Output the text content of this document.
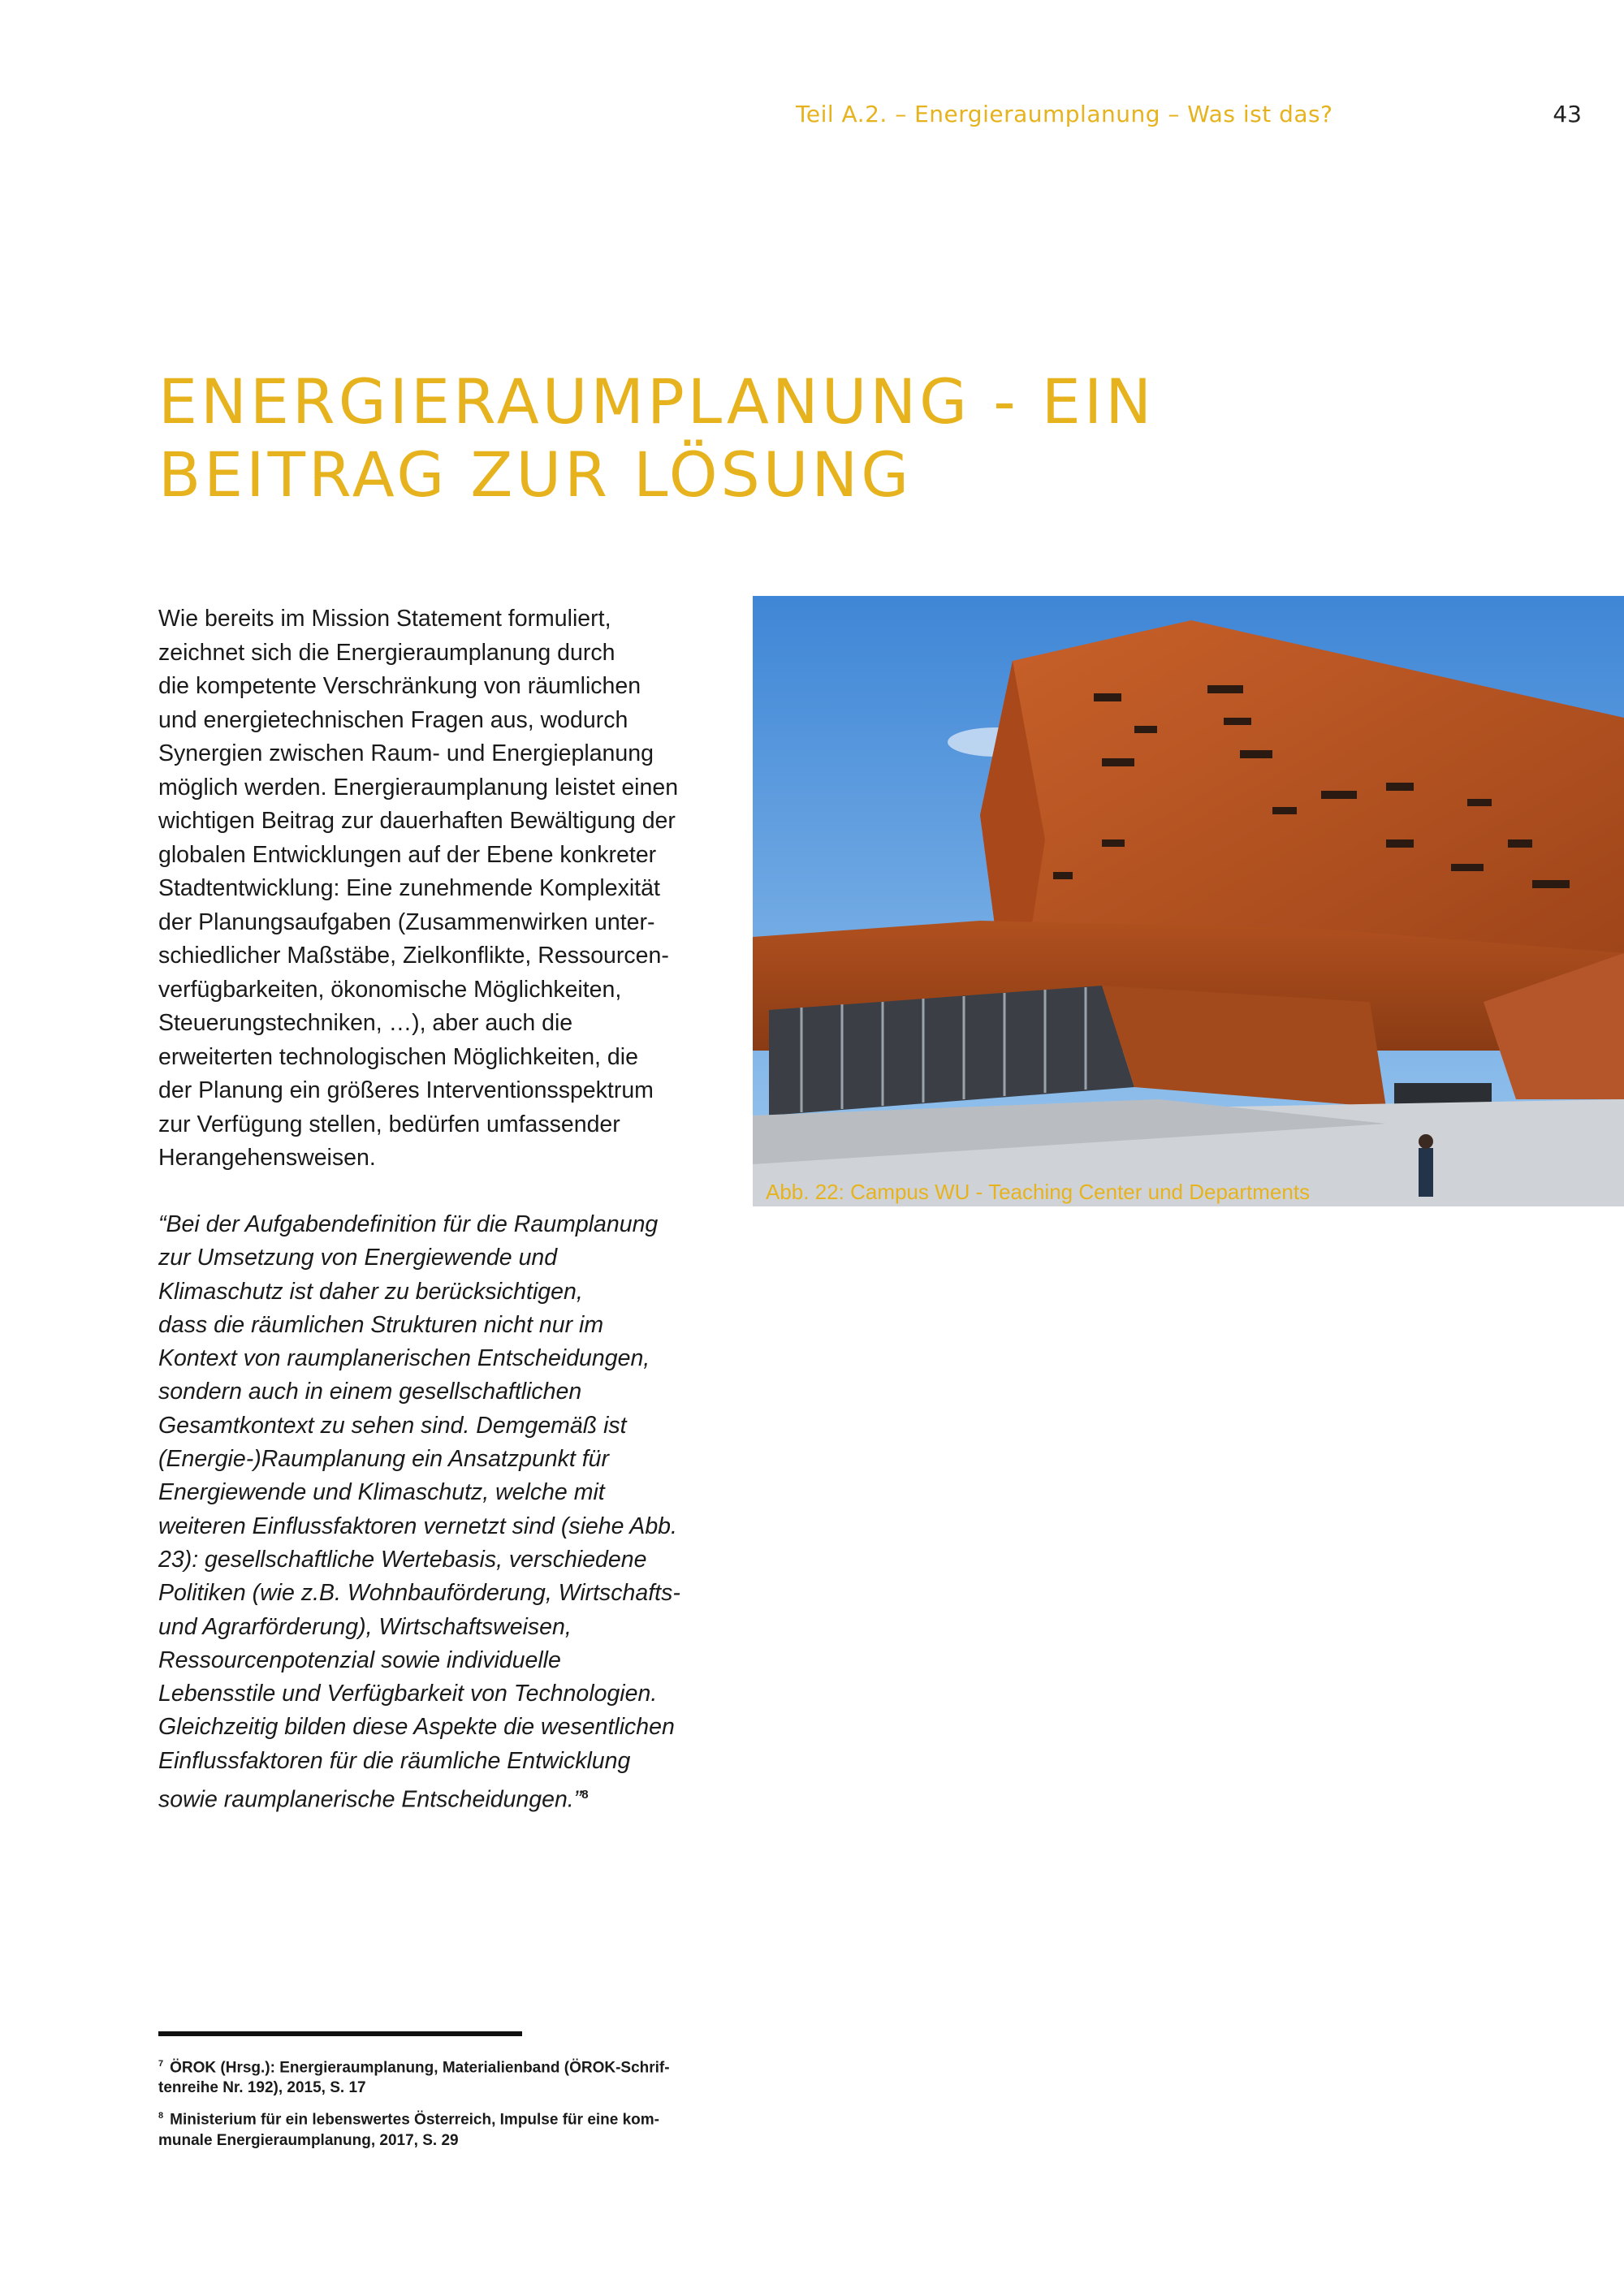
Teil A.2. – Energieraumplanung – Was ist das?	43
ENERGIERAUMPLANUNG - EIN
BEITRAG ZUR LÖSUNG
Wie bereits im Mission Statement formuliert,
zeichnet sich die Energieraumplanung durch
die kompetente Verschränkung von räumlichen
und energietechnischen Fragen aus, wodurch
Synergien zwischen Raum- und Energieplanung
möglich werden. Energieraumplanung leistet einen
wichtigen Beitrag zur dauerhaften Bewältigung der
globalen Entwicklungen auf der Ebene konkreter
Stadtentwicklung: Eine zunehmende Komplexität
der Planungsaufgaben (Zusammenwirken unter-
schiedlicher Maßstäbe, Zielkonflikte, Ressourcen-
verfügbarkeiten, ökonomische Möglichkeiten,
Steuerungstechniken, …), aber auch die
erweiterten technologischen Möglichkeiten, die
der Planung ein größeres Interventionsspektrum
zur Verfügung stellen, bedürfen umfassender
Herangehensweisen.
“Bei der Aufgabendefinition für die Raumplanung
zur Umsetzung von Energiewende und
Klimaschutz ist daher zu berücksichtigen,
dass die räumlichen Strukturen nicht nur im
Kontext von raumplanerischen Entscheidungen,
sondern auch in einem gesellschaftlichen
Gesamtkontext zu sehen sind. Demgemäß ist
(Energie-)Raumplanung ein Ansatzpunkt für
Energiewende und Klimaschutz, welche mit
weiteren Einflussfaktoren vernetzt sind (siehe Abb.
23): gesellschaftliche Wertebasis, verschiedene
Politiken (wie z.B. Wohnbauförderung, Wirtschafts-
und Agrarförderung), Wirtschaftsweisen,
Ressourcenpotenzial sowie individuelle
Lebensstile und Verfügbarkeit von Technologien.
Gleichzeitig bilden diese Aspekte die wesentlichen
Einflussfaktoren für die räumliche Entwicklung
sowie raumplanerische Entscheidungen.”$^8$
Abb. 22: Campus WU - Teaching Center und Departments
$^7$ ÖROK (Hrsg.): Energieraumplanung, Materialienband (ÖROK-Schrif-
tenreihe Nr. 192), 2015, S. 17
$^8$ Ministerium für ein lebenswertes Österreich, Impulse für eine kom-
munale Energieraumplanung, 2017, S. 29
